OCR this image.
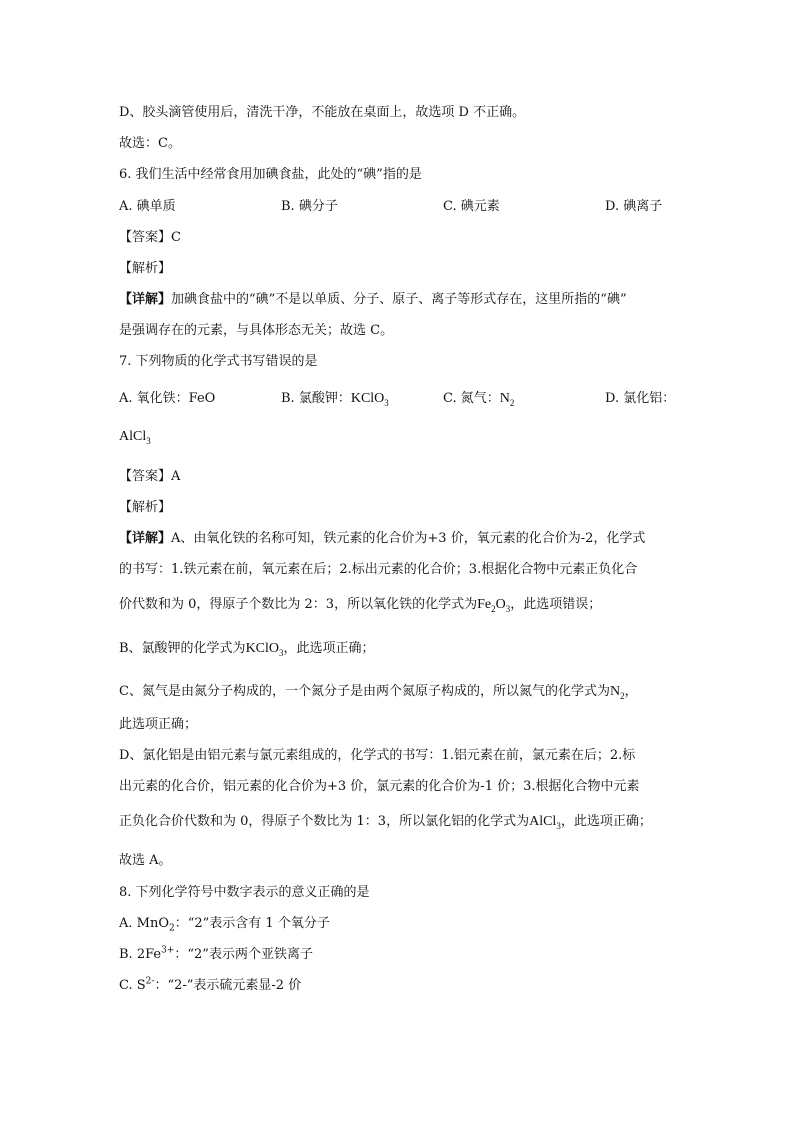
D、胶头滴管使用后，清洗干净，不能放在桌面上，故选项 D 不正确。
故选：C。
6. 我们生活中经常食用加碘食盐，此处的“碘”指的是
A. 碘单质	B. 碘分子	C. 碘元素	D. 碘离子
【答案】C
【解析】
【详解】加碘食盐中的“碘”不是以单质、分子、原子、离子等形式存在，这里所指的“碘”
是强调存在的元素，与具体形态无关；故选 C。
7. 下列物质的化学式书写错误的是
A. 氧化铁：FeO	B. 氯酸钾：KClO$_3$	C. 氮气：$N_2$	D. 氯化铝：
AlCl$_3$
【答案】A
【解析】
【详解】A、由氧化铁的名称可知，铁元素的化合价为+3 价，氧元素的化合价为-2，化学式
的书写：1.铁元素在前，氧元素在后；2.标出元素的化合价；3.根据化合物中元素正负化合
价代数和为 0，得原子个数比为 2：3，所以氧化铁的化学式为$Fe_2O_3$，此选项错误；
B、氯酸钾的化学式为KClO$_3$，此选项正确；
C、氮气是由氮分子构成的，一个氮分子是由两个氮原子构成的，所以氮气的化学式为$N_2$，
此选项正确；
D、氯化铝是由铝元素与氯元素组成的，化学式的书写：1.铝元素在前，氯元素在后；2.标
出元素的化合价，铝元素的化合价为+3 价，氯元素的化合价为-1 价；3.根据化合物中元素
正负化合价代数和为 0，得原子个数比为 1：3，所以氯化铝的化学式为AlCl$_3$，此选项正确；
故选 A。
8. 下列化学符号中数字表示的意义正确的是
A. MnO$_2$：“2”表示含有 1 个氧分子
B. $2Fe^{3+}$：“2”表示两个亚铁离子
C. $S^{2-}$：“2-”表示硫元素显-2 价
